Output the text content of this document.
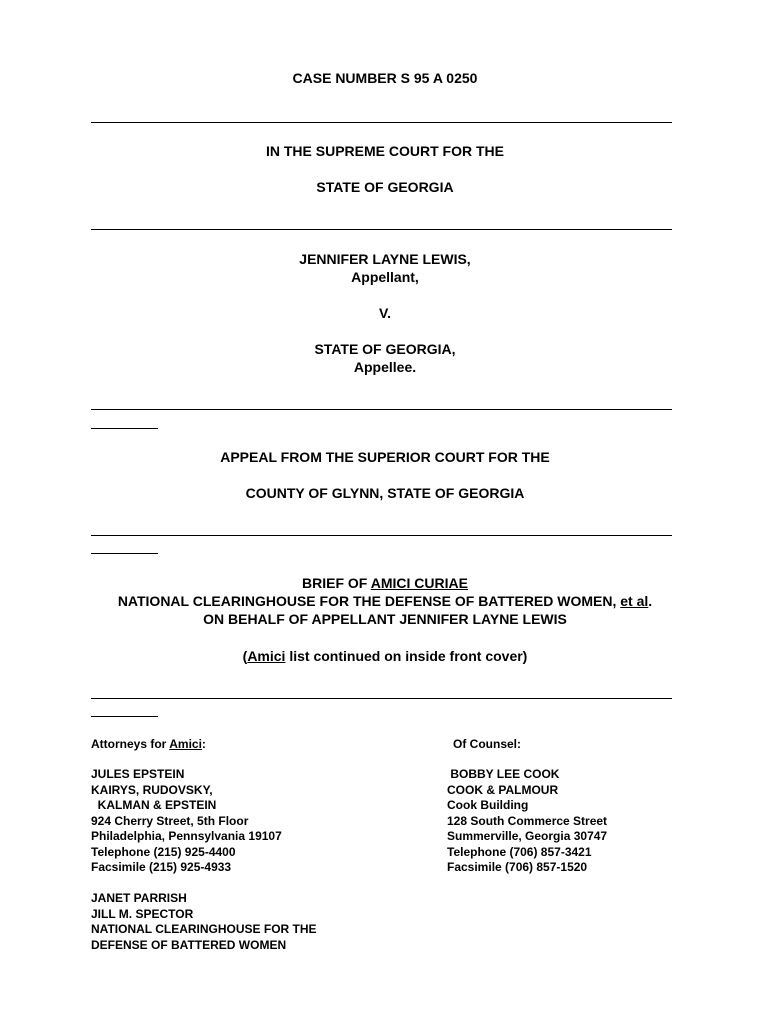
CASE NUMBER S 95 A 0250
IN THE SUPREME COURT FOR THE
STATE OF GEORGIA
JENNIFER LAYNE LEWIS,
Appellant,
V.
STATE OF GEORGIA,
Appellee.
APPEAL FROM THE SUPERIOR COURT FOR THE
COUNTY OF GLYNN, STATE OF GEORGIA
BRIEF OF AMICI CURIAE
NATIONAL CLEARINGHOUSE FOR THE DEFENSE OF BATTERED WOMEN, et al.
ON BEHALF OF APPELLANT JENNIFER LAYNE LEWIS
(Amici list continued on inside front cover)
Attorneys for Amici:
JULES EPSTEIN
KAIRYS, RUDOVSKY,
KALMAN & EPSTEIN
924 Cherry Street, 5th Floor
Philadelphia, Pennsylvania 19107
Telephone (215) 925-4400
Facsimile (215) 925-4933
JANET PARRISH
JILL M. SPECTOR
NATIONAL CLEARINGHOUSE FOR THE
DEFENSE OF BATTERED WOMEN
Of Counsel:
BOBBY LEE COOK
COOK & PALMOUR
Cook Building
128 South Commerce Street
Summerville, Georgia 30747
Telephone (706) 857-3421
Facsimile (706) 857-1520
